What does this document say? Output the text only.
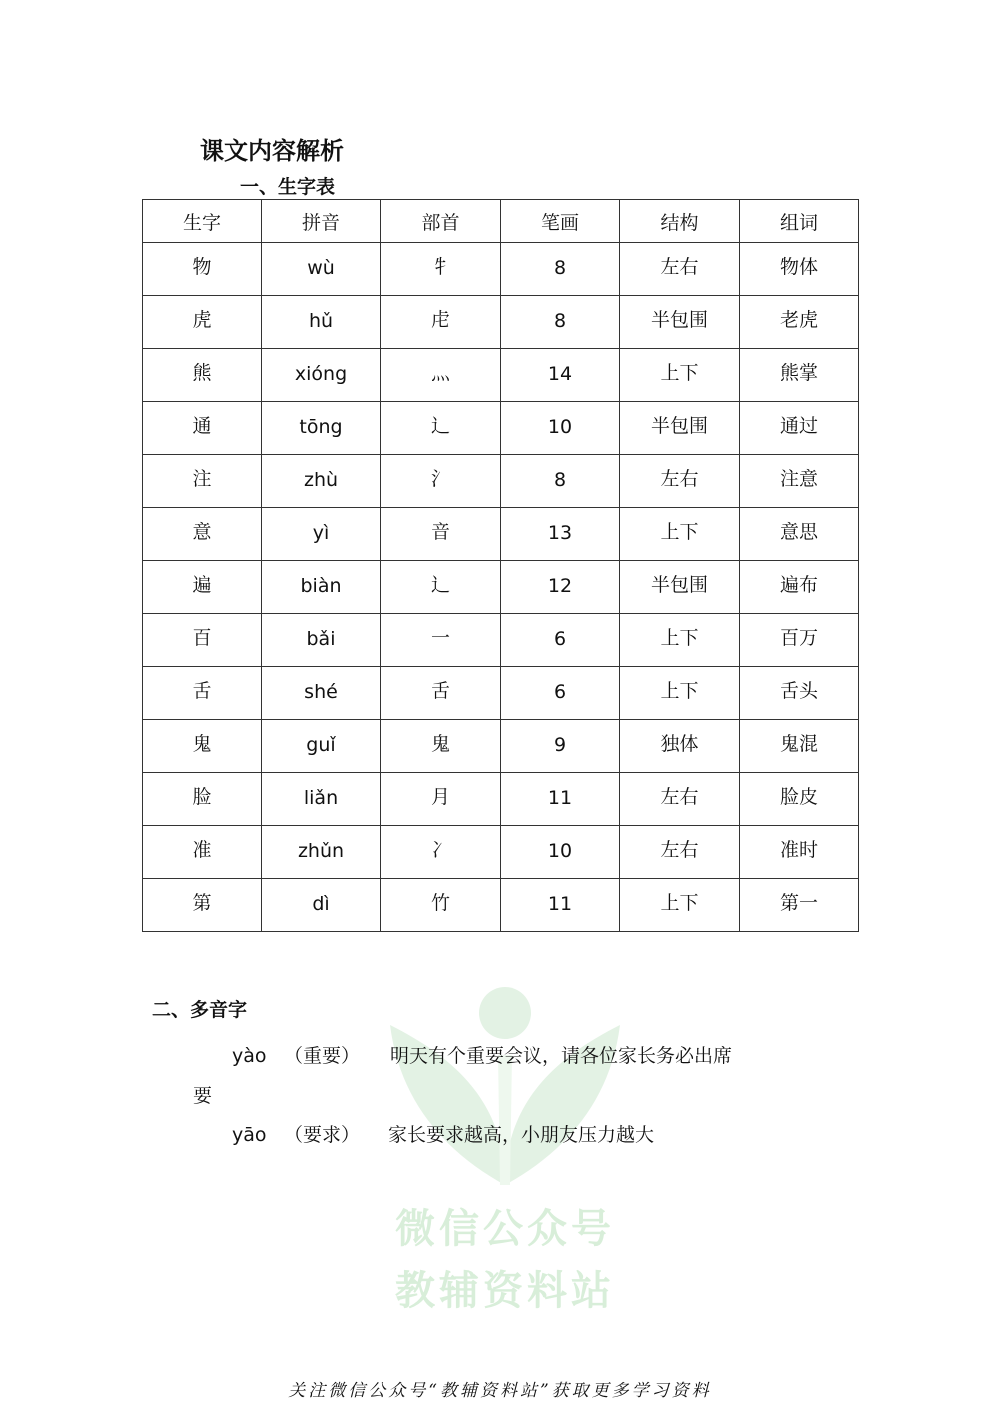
微信公众号
教辅资料站
课文内容解析
一、生字表
生字	拼音	部首	笔画	结构	组词

物	wù	牜	8	左右	物体

虎	hǔ	虍	8	半包围	老虎

熊	xióng	灬	14	上下	熊掌

通	tōng	辶	10	半包围	通过

注	zhù	氵	8	左右	注意

意	yì	音	13	上下	意思

遍	biàn	辶	12	半包围	遍布

百	bǎi	一	6	上下	百万

舌	shé	舌	6	上下	舌头

鬼	guǐ	鬼	9	独体	鬼混

脸	liǎn	月	11	左右	脸皮

准	zhǔn	冫	10	左右	准时

第	dì	竹	11	上下	第一
二、多音字
yào （重要） 明天有个重要会议，请各位家长务必出席
要
yāo （要求） 家长要求越高，小朋友压力越大
关注微信公众号“教辅资料站”获取更多学习资料
